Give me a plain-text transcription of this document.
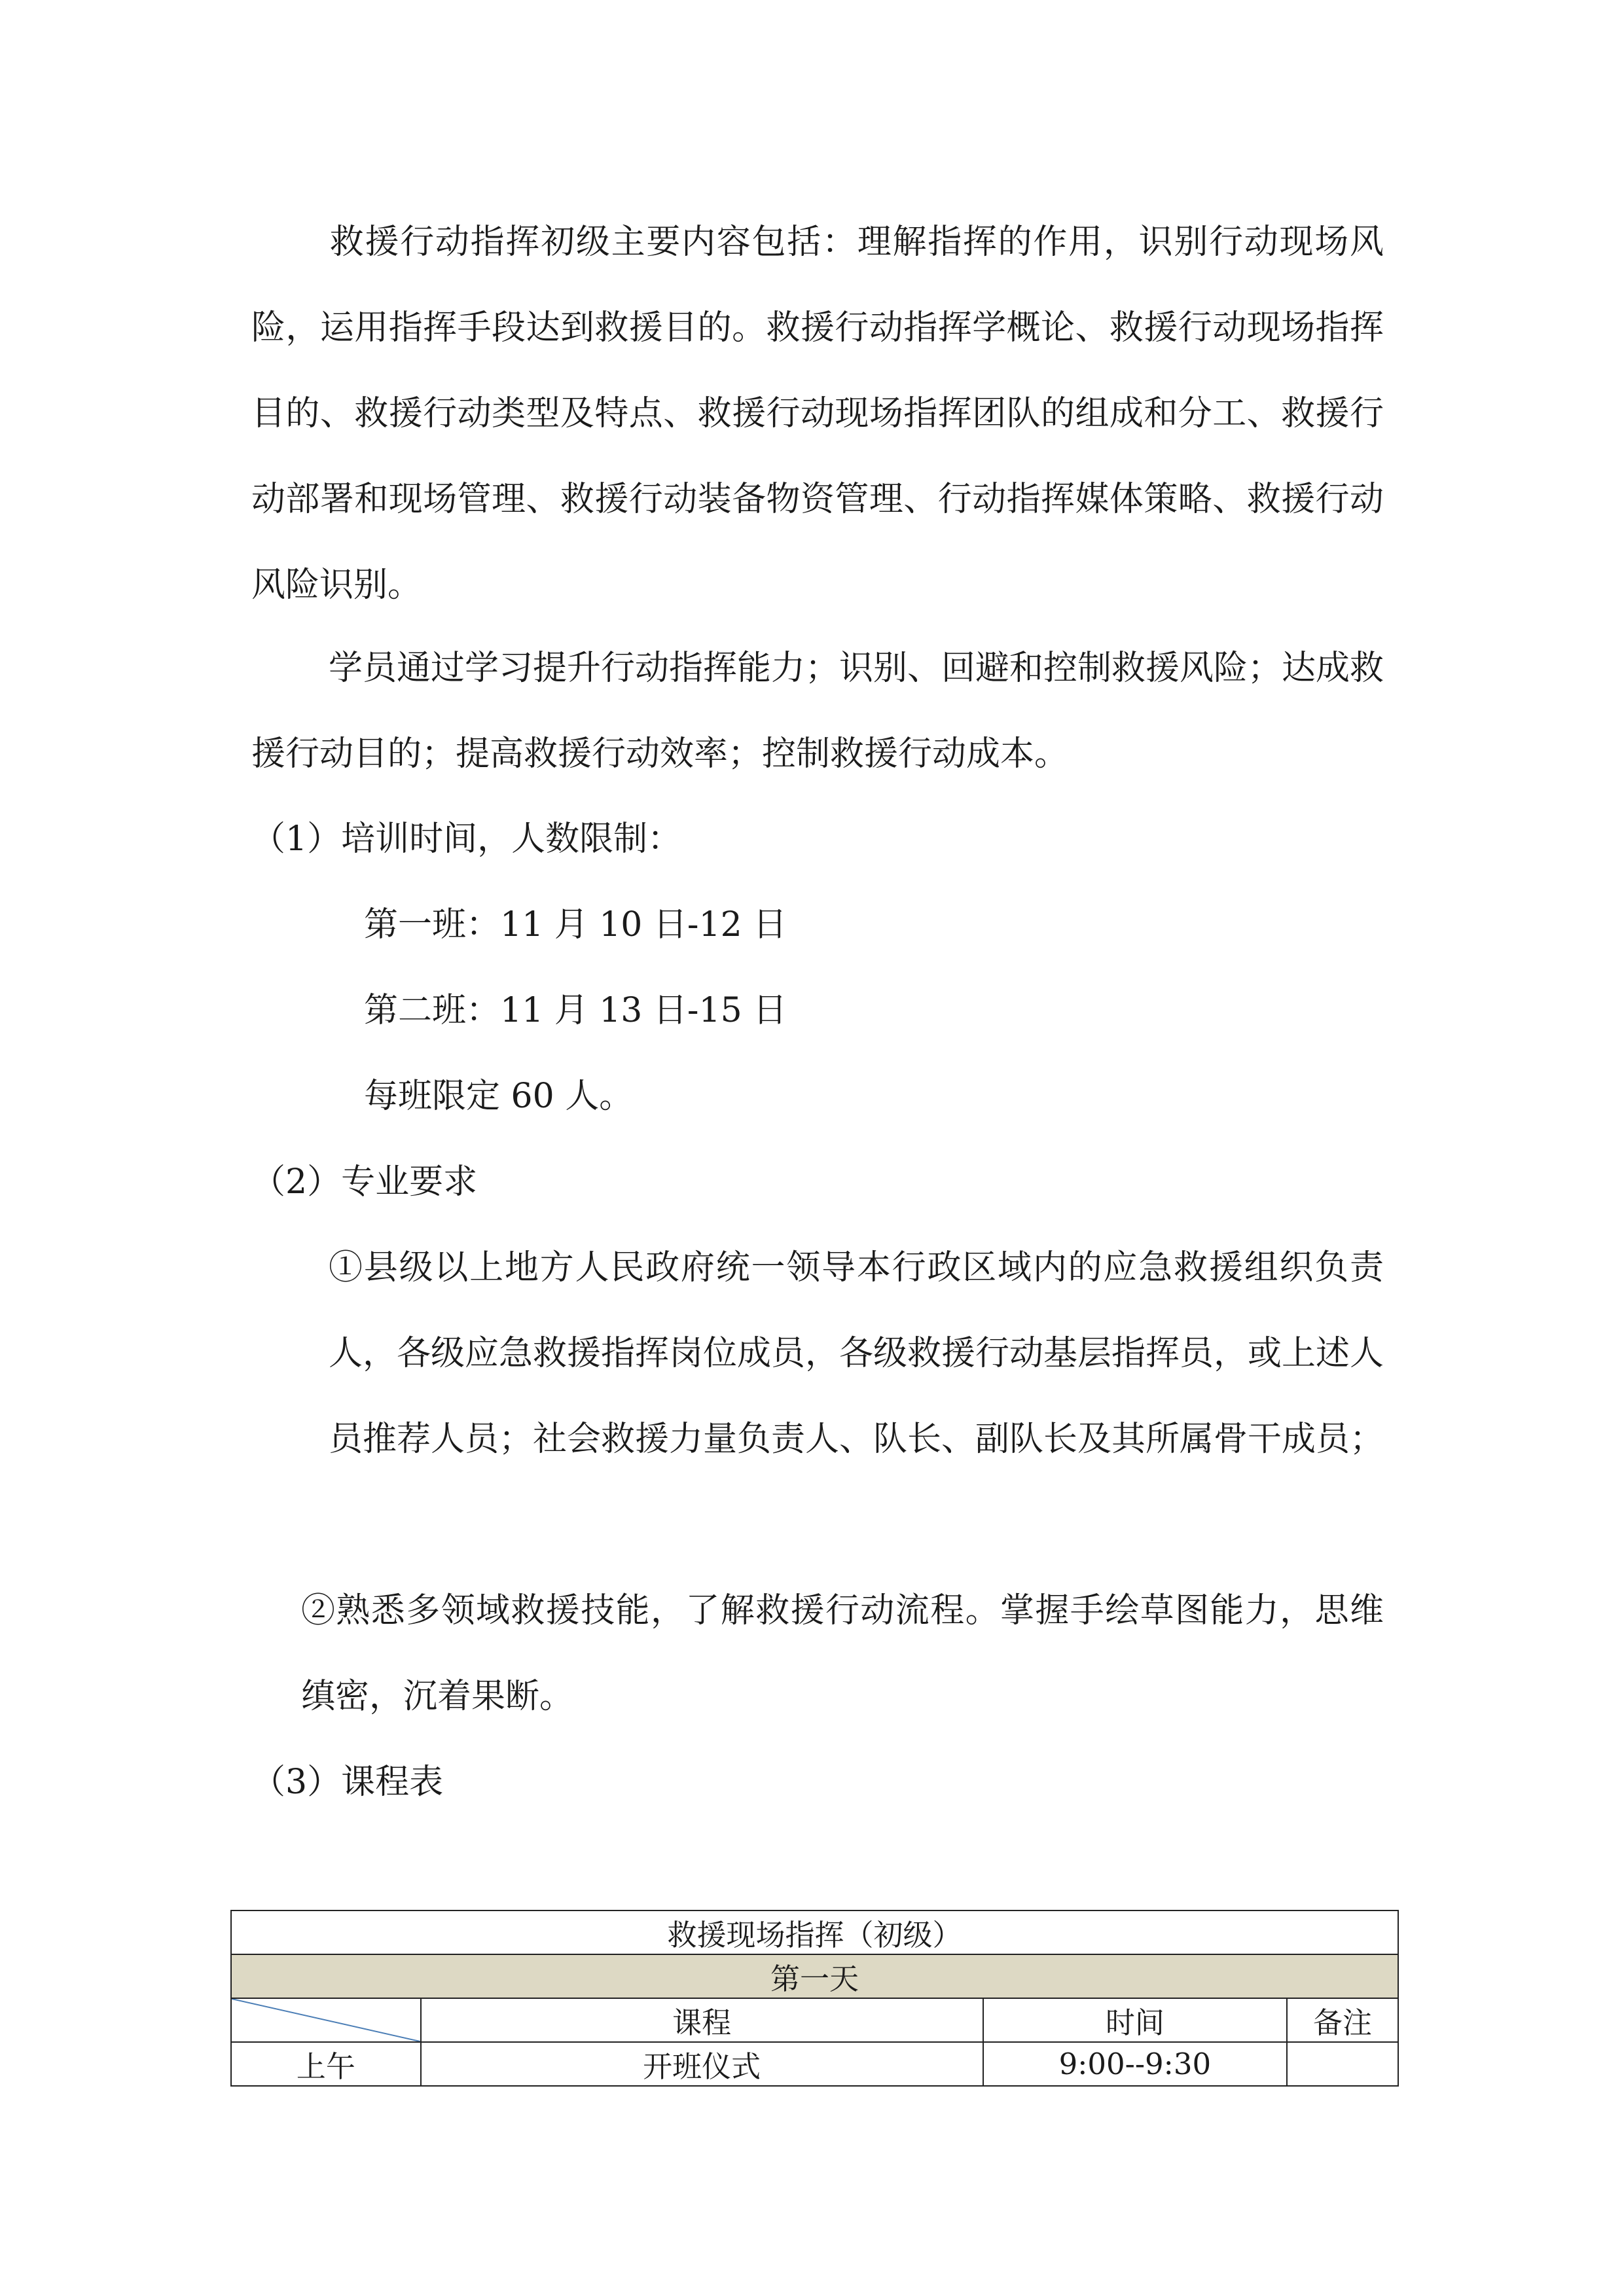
救援行动指挥初级主要内容包括：理解指挥的作用，识别行动现场风险，运用指挥手段达到救援目的。救援行动指挥学概论、救援行动现场指挥目的、救援行动类型及特点、救援行动现场指挥团队的组成和分工、救援行动部署和现场管理、救援行动装备物资管理、行动指挥媒体策略、救援行动风险识别。
学员通过学习提升行动指挥能力；识别、回避和控制救援风险；达成救援行动目的；提高救援行动效率；控制救援行动成本。

（1）培训时间，人数限制：

第一班：11 月 10 日-12 日

第二班：11 月 13 日-15 日

每班限定 60 人。

（2）专业要求

①县级以上地方人民政府统一领导本行政区域内的应急救援组织负责人，各级应急救援指挥岗位成员，各级救援行动基层指挥员，或上述人员推荐人员；社会救援力量负责人、队长、副队长及其所属骨干成员；
②熟悉多领域救援技能，了解救援行动流程。掌握手绘草图能力，思维缜密，沉着果断。

（3）课程表

救援现场指挥（初级）			
第一天			

	课程	时间	备注
上午	开班仪式	9:00--9:30	
